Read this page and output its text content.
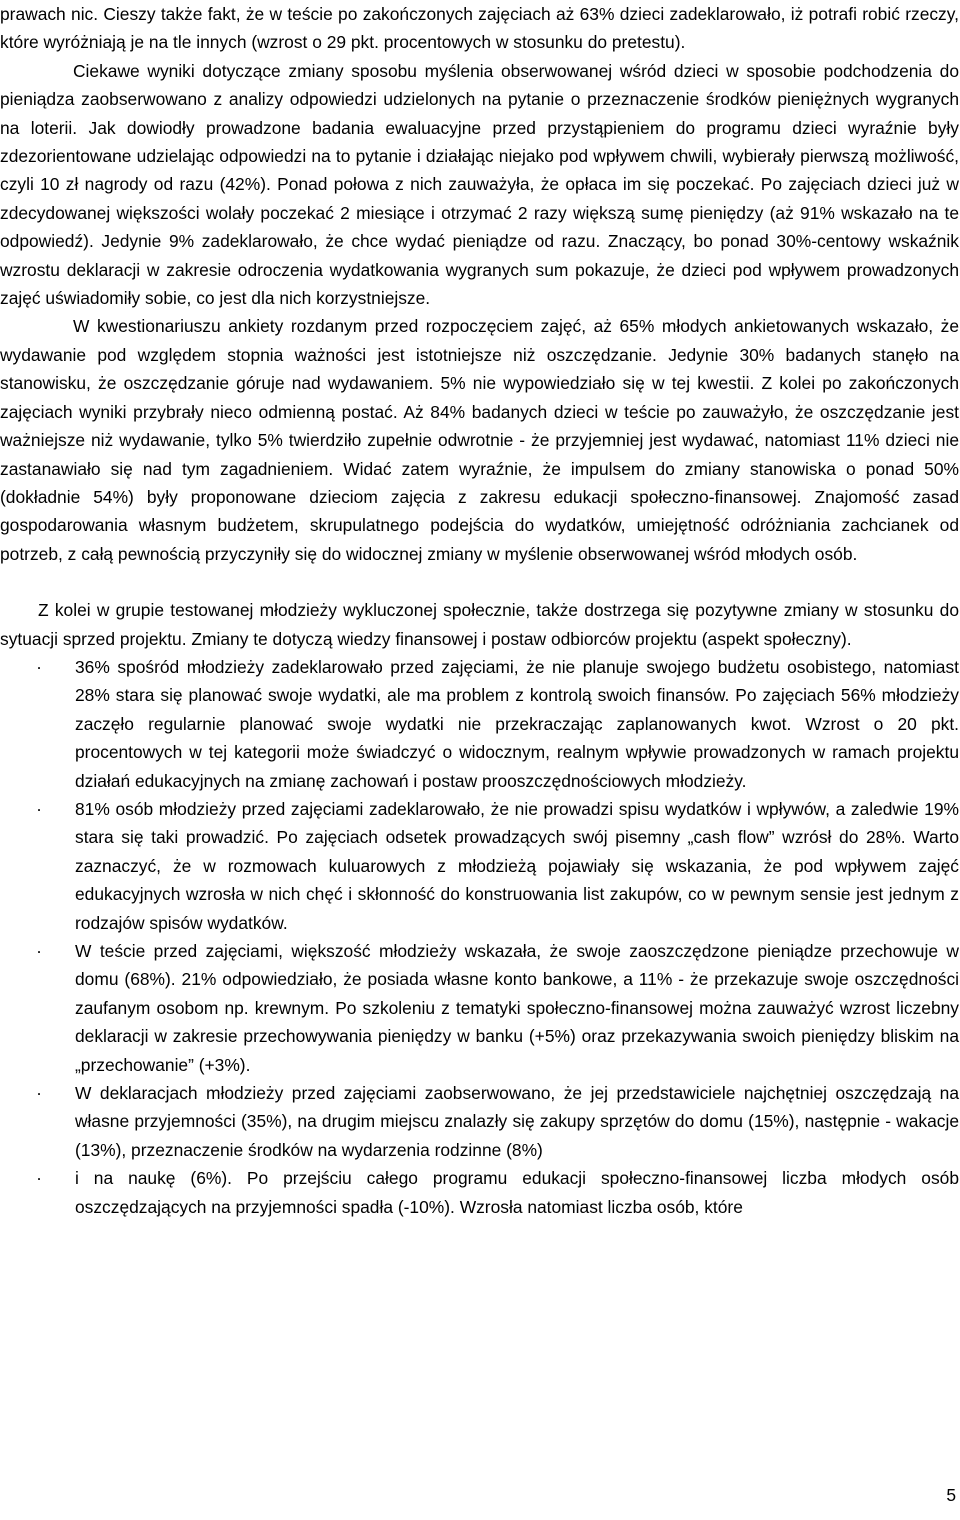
prawach nic. Cieszy także fakt, że w teście po zakończonych zajęciach aż 63% dzieci zadeklarowało, iż potrafi robić rzeczy, które wyróżniają je na tle innych (wzrost o 29 pkt. procentowych w stosunku do pretestu).

Ciekawe wyniki dotyczące zmiany sposobu myślenia obserwowanej wśród dzieci w sposobie podchodzenia do pieniądza zaobserwowano z analizy odpowiedzi udzielonych na pytanie o przeznaczenie środków pieniężnych wygranych na loterii. Jak dowiodły prowadzone badania ewaluacyjne przed przystąpieniem do programu dzieci wyraźnie były zdezorientowane udzielając odpowiedzi na to pytanie i działając niejako pod wpływem chwili, wybierały pierwszą możliwość, czyli 10 zł nagrody od razu (42%). Ponad połowa z nich zauważyła, że opłaca im się poczekać. Po zajęciach dzieci już w zdecydowanej większości wolały poczekać 2 miesiące i otrzymać 2 razy większą sumę pieniędzy (aż 91% wskazało na te odpowiedź). Jedynie 9% zadeklarowało, że chce wydać pieniądze od razu. Znaczący, bo ponad 30%-centowy wskaźnik wzrostu deklaracji w zakresie odroczenia wydatkowania wygranych sum pokazuje, że dzieci pod wpływem prowadzonych zajęć uświadomiły sobie, co jest dla nich korzystniejsze.

W kwestionariuszu ankiety rozdanym przed rozpoczęciem zajęć, aż 65% młodych ankietowanych wskazało, że wydawanie pod względem stopnia ważności jest istotniejsze niż oszczędzanie. Jedynie 30% badanych stanęło na stanowisku, że oszczędzanie góruje nad wydawaniem. 5% nie wypowiedziało się w tej kwestii. Z kolei po zakończonych zajęciach wyniki przybrały nieco odmienną postać. Aż 84% badanych dzieci w teście po zauważyło, że oszczędzanie jest ważniejsze niż wydawanie, tylko 5% twierdziło zupełnie odwrotnie - że przyjemniej jest wydawać, natomiast 11% dzieci nie zastanawiało się nad tym zagadnieniem. Widać zatem wyraźnie, że impulsem do zmiany stanowiska o ponad 50% (dokładnie 54%) były proponowane dzieciom zajęcia z zakresu edukacji społeczno-finansowej. Znajomość zasad gospodarowania własnym budżetem, skrupulatnego podejścia do wydatków, umiejętność odróżniania zachcianek od potrzeb, z całą pewnością przyczyniły się do widocznej zmiany w myślenie obserwowanej wśród młodych osób.

Z kolei w grupie testowanej młodzieży wykluczonej społecznie, także dostrzega się pozytywne zmiany w stosunku do sytuacji sprzed projektu. Zmiany te dotyczą wiedzy finansowej i postaw odbiorców projektu (aspekt społeczny).

· 36% spośród młodzieży zadeklarowało przed zajęciami, że nie planuje swojego budżetu osobistego, natomiast 28% stara się planować swoje wydatki, ale ma problem z kontrolą swoich finansów. Po zajęciach 56% młodzieży zaczęło regularnie planować swoje wydatki nie przekraczając zaplanowanych kwot. Wzrost o 20 pkt. procentowych w tej kategorii może świadczyć o widocznym, realnym wpływie prowadzonych w ramach projektu działań edukacyjnych na zmianę zachowań i postaw prooszczędnościowych młodzieży.
· 81% osób młodzieży przed zajęciami zadeklarowało, że nie prowadzi spisu wydatków i wpływów, a zaledwie 19% stara się taki prowadzić. Po zajęciach odsetek prowadzących swój pisemny „cash flow” wzrósł do 28%. Warto zaznaczyć, że w rozmowach kuluarowych z młodzieżą pojawiały się wskazania, że pod wpływem zajęć edukacyjnych wzrosła w nich chęć i skłonność do konstruowania list zakupów, co w pewnym sensie jest jednym z rodzajów spisów wydatków.
· W teście przed zajęciami, większość młodzieży wskazała, że swoje zaoszczędzone pieniądze przechowuje w domu (68%). 21% odpowiedziało, że posiada własne konto bankowe, a 11% - że przekazuje swoje oszczędności zaufanym osobom np. krewnym. Po szkoleniu z tematyki społeczno-finansowej można zauważyć wzrost liczebny deklaracji w zakresie przechowywania pieniędzy w banku (+5%) oraz przekazywania swoich pieniędzy bliskim na „przechowanie” (+3%).
· W deklaracjach młodzieży przed zajęciami zaobserwowano, że jej przedstawiciele najchętniej oszczędzają na własne przyjemności (35%), na drugim miejscu znalazły się zakupy sprzętów do domu (15%), następnie - wakacje (13%), przeznaczenie środków na wydarzenia rodzinne (8%)
· i na naukę (6%). Po przejściu całego programu edukacji społeczno-finansowej liczba młodych osób oszczędzających na przyjemności spadła (-10%). Wzrosła natomiast liczba osób, które
5
